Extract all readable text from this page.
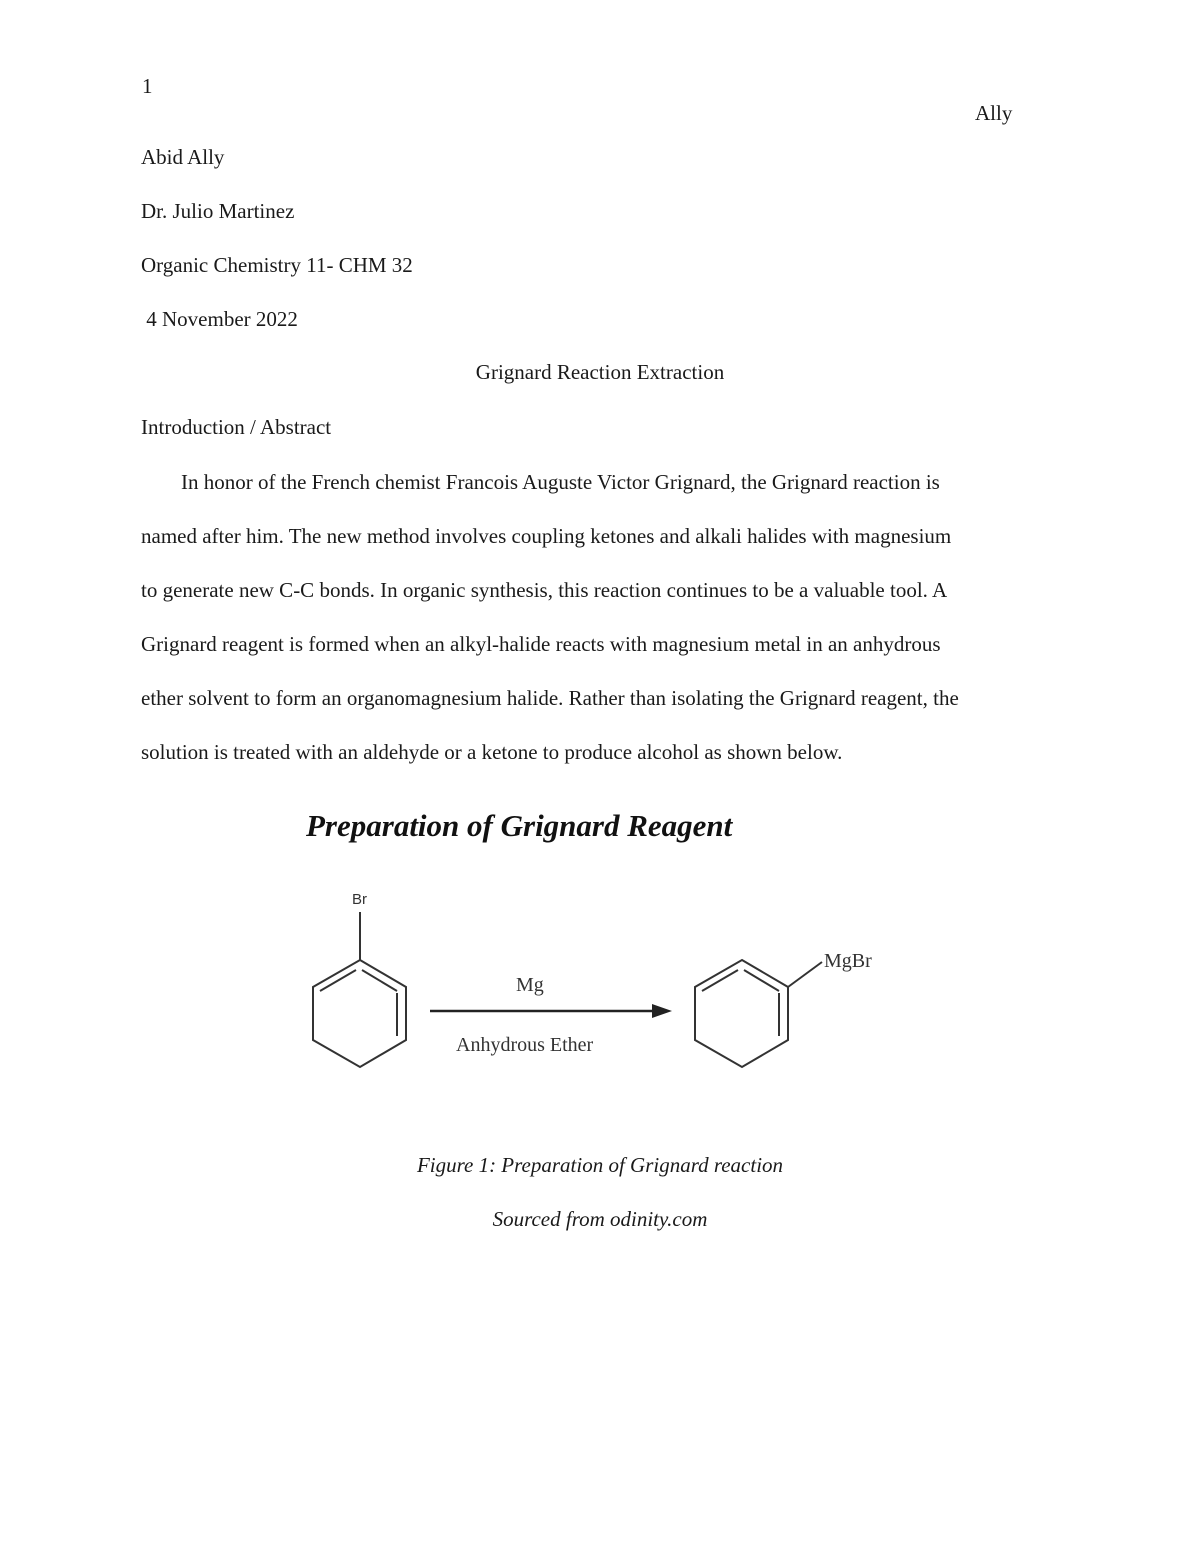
1
Ally
Abid Ally
Dr. Julio Martinez
Organic Chemistry 11- CHM 32
4 November 2022
Grignard Reaction Extraction
Introduction / Abstract
In honor of the French chemist Francois Auguste Victor Grignard, the Grignard reaction is
named after him. The new method involves coupling ketones and alkali halides with magnesium
to generate new C-C bonds. In organic synthesis, this reaction continues to be a valuable tool. A
Grignard reagent is formed when an alkyl-halide reacts with magnesium metal in an anhydrous
ether solvent to form an organomagnesium halide. Rather than isolating the Grignard reagent, the
solution is treated with an aldehyde or a ketone to produce alcohol as shown below.
Preparation of Grignard Reagent
Br
Mg
Anhydrous Ether
MgBr
Figure 1: Preparation of Grignard reaction
Sourced from odinity.com
